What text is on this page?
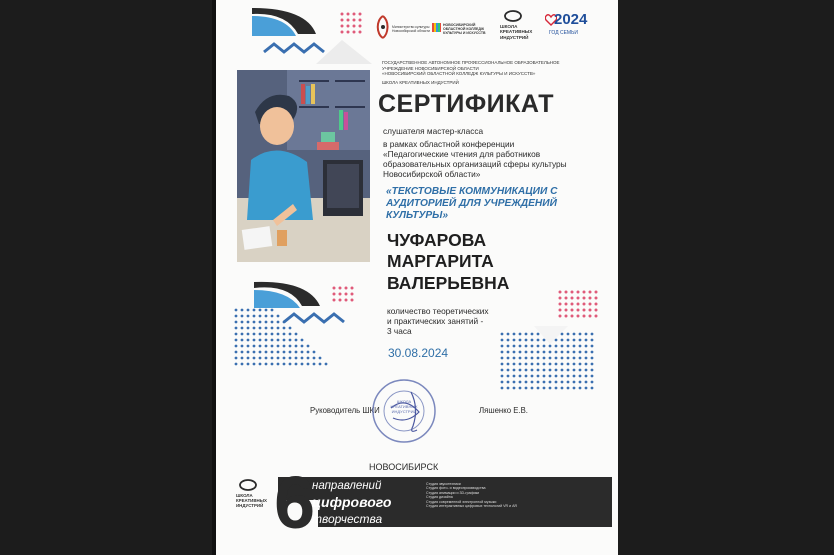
Министерство культуры Новосибирской области
НОВОСИБИРСКИЙ ОБЛАСТНОЙ КОЛЛЕДЖ КУЛЬТУРЫ И ИСКУССТВ
ШКОЛА КРЕАТИВНЫХ ИНДУСТРИЙ
2024
ГОД СЕМЬИ
ГОСУДАРСТВЕННОЕ АВТОНОМНОЕ ПРОФЕССИОНАЛЬНОЕ ОБРАЗОВАТЕЛЬНОЕ
УЧРЕЖДЕНИЕ НОВОСИБИРСКОЙ ОБЛАСТИ
«НОВОСИБИРСКИЙ ОБЛАСТНОЙ КОЛЛЕДЖ КУЛЬТУРЫ И ИСКУССТВ»
ШКОЛА КРЕАТИВНЫХ ИНДУСТРИЙ
СЕРТИФИКАТ
слушателя мастер-класса
в рамках областной конференции
«Педагогические чтения для работников
образовательных организаций сферы культуры
Новосибирской области»
«ТЕКСТОВЫЕ КОММУНИКАЦИИ С АУДИТОРИЕЙ ДЛЯ УЧРЕЖДЕНИЙ КУЛЬТУРЫ»
ЧУФАРОВА
МАРГАРИТА
ВАЛЕРЬЕВНА
количество теоретических
и практических занятий -
3 часа
30.08.2024
Руководитель ШКИ
ШКОЛА КРЕАТИВНЫХ ИНДУСТРИЙ	Ляшенко Е.В.
НОВОСИБИРСК
ШКОЛА КРЕАТИВНЫХ ИНДУСТРИЙ 6
направлений
цифрового
творчества
Студия звукотехники
Студия фото- и видеопроизводства
Студия анимации и 3D-графики
Студия дизайна
Студия современной электронной музыки
Студия интерактивных цифровых технологий VR и AR
